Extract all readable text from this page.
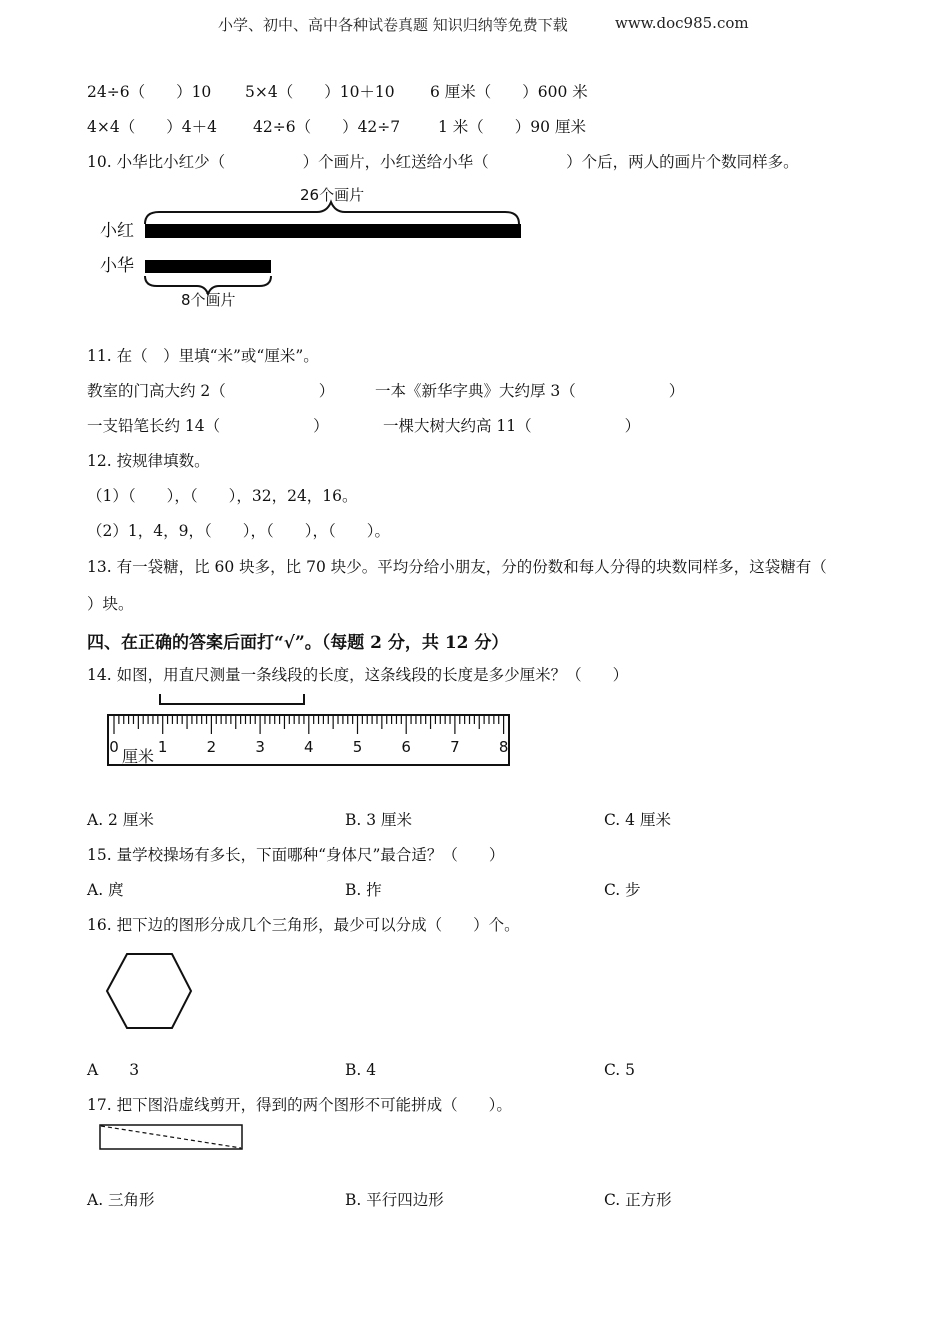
小学、初中、高中各种试卷真题 知识归纳等免费下载	www.doc985.com
24÷6（　　）10 5×4（　　）10＋10 6 厘米（　　）600 米
4×4（　　）4＋4 42÷6（　　）42÷7 1 米（　　）90 厘米
10. 小华比小红少（　　　　　）个画片，小红送给小华（　　　　　）个后，两人的画片个数同样多。
26个画片
小红
小华
8个画片
11. 在（　）里填“米”或“厘米”。
教室的门高大约 2（　　　　　　）	一本《新华字典》大约厚 3（　　　　　　）
一支铅笔长约 14（　　　　　　）	一棵大树大约高 11（　　　　　　）
12. 按规律填数。
（1）（　　），（　　），32，24，16。
（2）1，4，9，（　　），（　　），（　　）。
13. 有一袋糖，比 60 块多，比 70 块少。平均分给小朋友，分的份数和每人分得的块数同样多，这袋糖有（
）块。
四、在正确的答案后面打“√”。（每题 2 分，共 12 分）
14. 如图，用直尺测量一条线段的长度，这条线段的长度是多少厘米？（　　）
0	1	2	3	4	5	6	7	8
厘米
A. 2 厘米	B. 3 厘米	C. 4 厘米
15. 量学校操场有多长，下面哪种“身体尺”最合适？（　　）
A. 庹	B. 拃	C. 步
16. 把下边的图形分成几个三角形，最少可以分成（　　）个。
A　　3	B. 4	C. 5
17. 把下图沿虚线剪开，得到的两个图形不可能拼成（　　）。
A. 三角形	B. 平行四边形	C. 正方形
